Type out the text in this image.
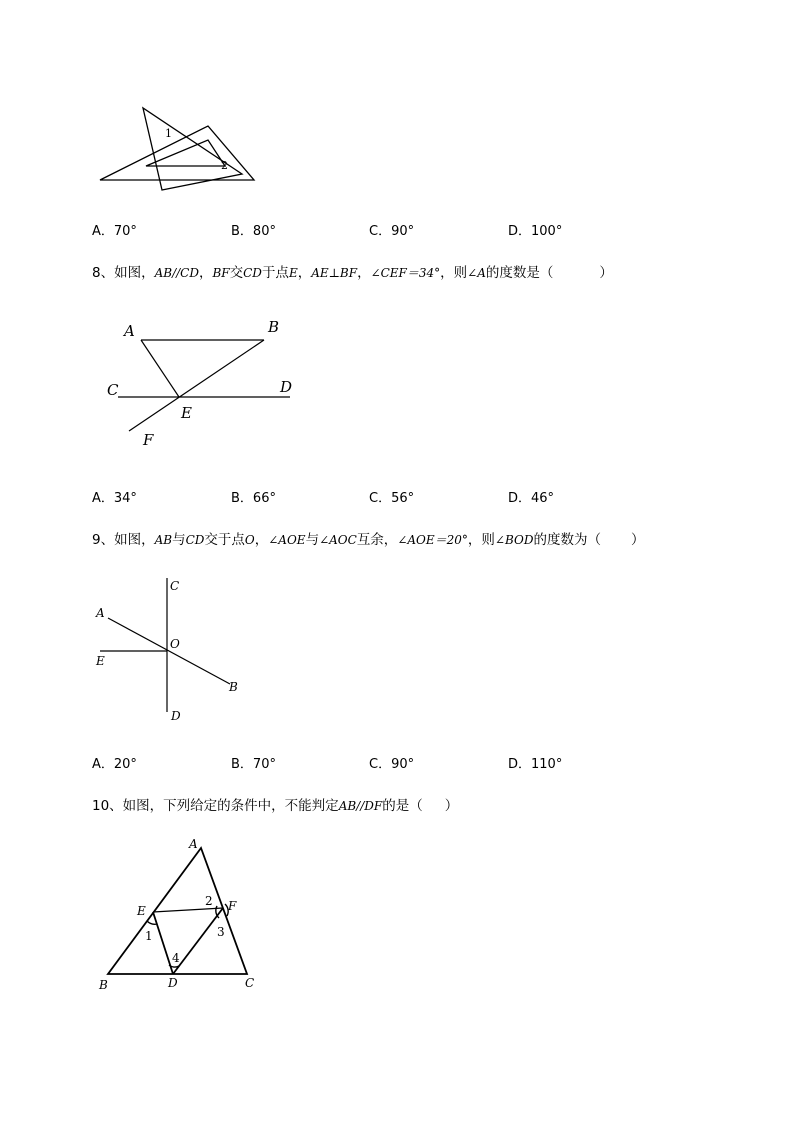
1
2
A．70°	B．80°	C．90°	D．100°
8、如图，AB//CD，BF交CD于点E，AE⊥BF，∠CEF＝34°，则∠A的度数是（	）
A	B
C	D
E
F
A．34°	B．66°	C．56°	D．46°
9、如图，AB与CD交于点O，∠AOE与∠AOC互余，∠AOE＝20°，则∠BOD的度数为（ ）
C
A
O
E
B
D
A．20°	B．70°	C．90°	D．110°
10、如图，下列给定的条件中，不能判定AB//DF的是（ ）
A
E	F
B	D	C
1
2
3
4
